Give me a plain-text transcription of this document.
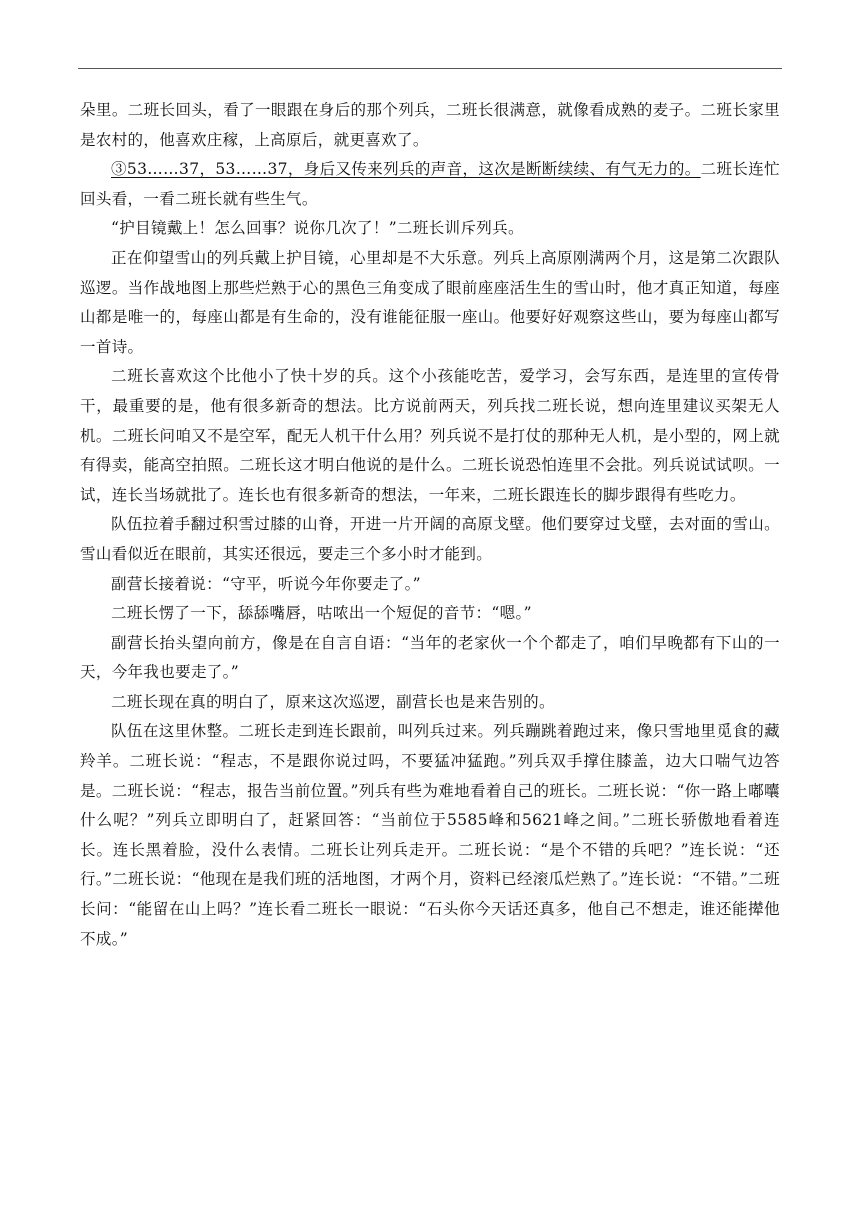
朵里。二班长回头，看了一眼跟在身后的那个列兵，二班长很满意，就像看成熟的麦子。二班长家里是农村的，他喜欢庄稼，上高原后，就更喜欢了。

③53……37，53……37，身后又传来列兵的声音，这次是断断续续、有气无力的。二班长连忙回头看，一看二班长就有些生气。

“护目镜戴上！怎么回事？说你几次了！”二班长训斥列兵。

正在仰望雪山的列兵戴上护目镜，心里却是不大乐意。列兵上高原刚满两个月，这是第二次跟队巡逻。当作战地图上那些烂熟于心的黑色三角变成了眼前座座活生生的雪山时，他才真正知道，每座山都是唯一的，每座山都是有生命的，没有谁能征服一座山。他要好好观察这些山，要为每座山都写一首诗。

二班长喜欢这个比他小了快十岁的兵。这个小孩能吃苦，爱学习，会写东西，是连里的宣传骨干，最重要的是，他有很多新奇的想法。比方说前两天，列兵找二班长说，想向连里建议买架无人机。二班长问咱又不是空军，配无人机干什么用？列兵说不是打仗的那种无人机，是小型的，网上就有得卖，能高空拍照。二班长这才明白他说的是什么。二班长说恐怕连里不会批。列兵说试试呗。一试，连长当场就批了。连长也有很多新奇的想法，一年来，二班长跟连长的脚步跟得有些吃力。

队伍拉着手翻过积雪过膝的山脊，开进一片开阔的高原戈壁。他们要穿过戈壁，去对面的雪山。雪山看似近在眼前，其实还很远，要走三个多小时才能到。

副营长接着说：“守平，听说今年你要走了。”

二班长愣了一下，舔舔嘴唇，咕哝出一个短促的音节：“嗯。”

副营长抬头望向前方，像是在自言自语：“当年的老家伙一个个都走了，咱们早晚都有下山的一天，今年我也要走了。”

二班长现在真的明白了，原来这次巡逻，副营长也是来告别的。

队伍在这里休整。二班长走到连长跟前，叫列兵过来。列兵蹦跳着跑过来，像只雪地里觅食的藏羚羊。二班长说：“程志，不是跟你说过吗，不要猛冲猛跑。”列兵双手撑住膝盖，边大口喘气边答是。二班长说：“程志，报告当前位置。”列兵有些为难地看着自己的班长。二班长说：“你一路上嘟囔什么呢？”列兵立即明白了，赶紧回答：“当前位于5585峰和5621峰之间。”二班长骄傲地看着连长。连长黑着脸，没什么表情。二班长让列兵走开。二班长说：“是个不错的兵吧？”连长说：“还行。”二班长说：“他现在是我们班的活地图，才两个月，资料已经滚瓜烂熟了。”连长说：“不错。”二班长问：“能留在山上吗？”连长看二班长一眼说：“石头你今天话还真多，他自己不想走，谁还能撵他不成。”
